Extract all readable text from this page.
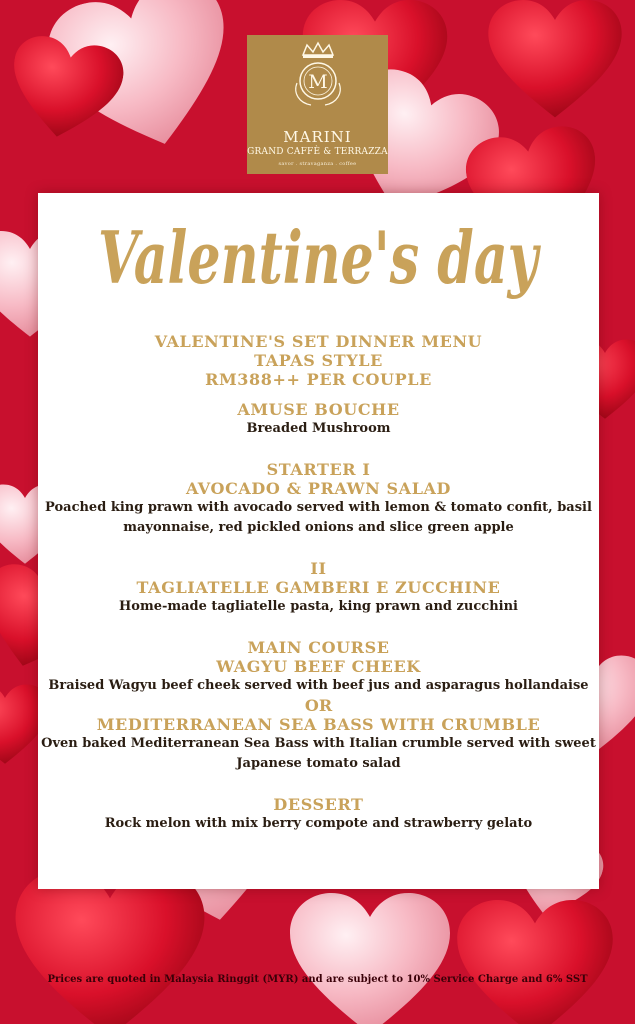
M
MARINI
GRAND CAFFÈ & TERRAZZA
savor . stravaganza . coffee
Valentine's day
VALENTINE'S SET DINNER MENU
TAPAS STYLE
RM388++ PER COUPLE
AMUSE BOUCHE
Breaded Mushroom
STARTER I
AVOCADO & PRAWN SALAD
Poached king prawn with avocado served with lemon & tomato confit, basil
mayonnaise, red pickled onions and slice green apple
II
TAGLIATELLE GAMBERI E ZUCCHINE
Home-made tagliatelle pasta, king prawn and zucchini
MAIN COURSE
WAGYU BEEF CHEEK
Braised Wagyu beef cheek served with beef jus and asparagus hollandaise
OR
MEDITERRANEAN SEA BASS WITH CRUMBLE
Oven baked Mediterranean Sea Bass with Italian crumble served with sweet
Japanese tomato salad
DESSERT
Rock melon with mix berry compote and strawberry gelato
Prices are quoted in Malaysia Ringgit (MYR) and are subject to 10% Service Charge and 6% SST
